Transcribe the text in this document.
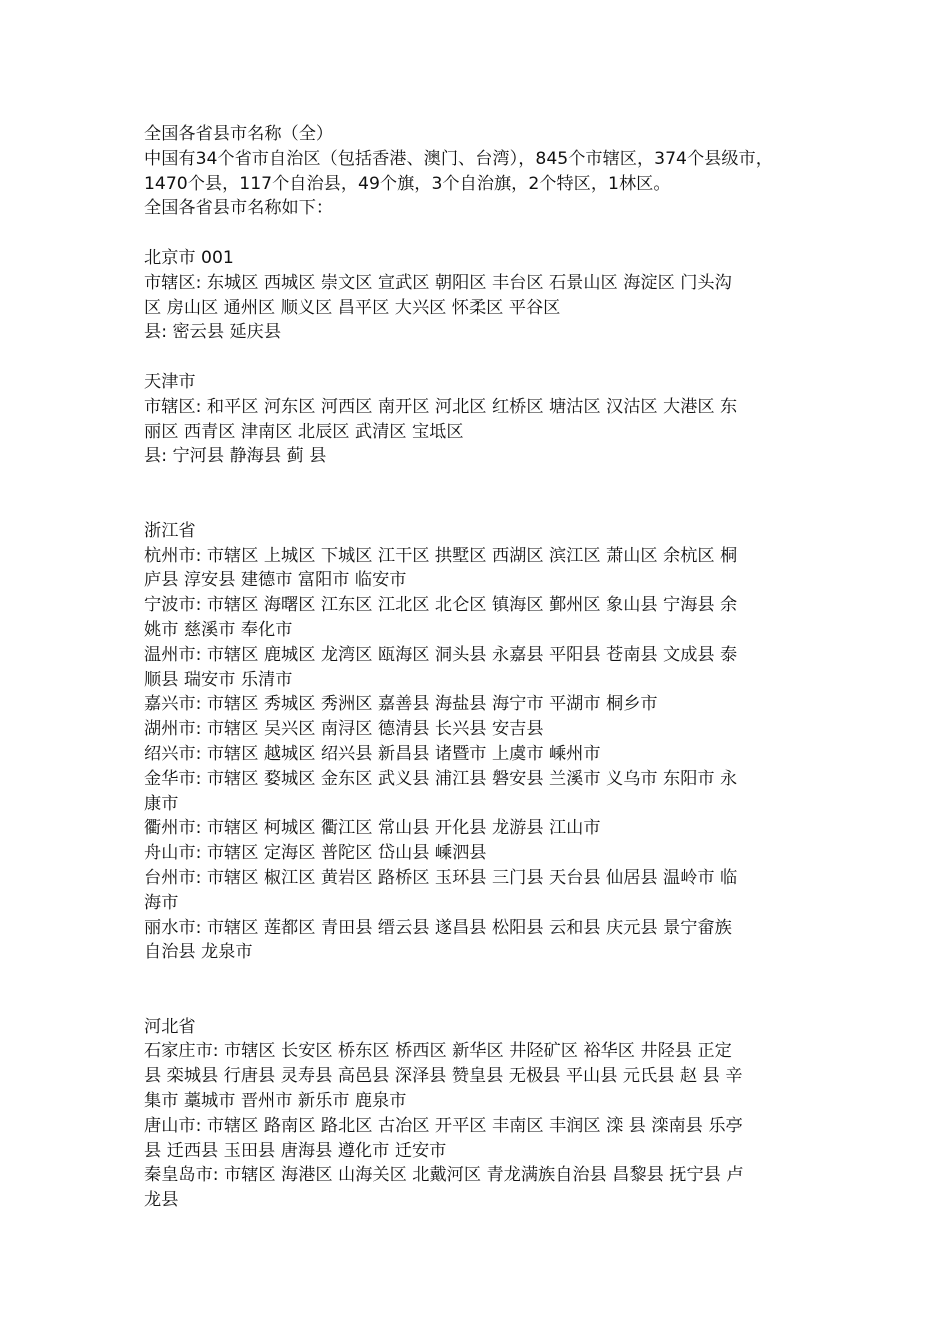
全国各省县市名称（全）
中国有34个省市自治区（包括香港、澳门、台湾），845个市辖区，374个县级市，
1470个县，117个自治县，49个旗，3个自治旗，2个特区，1林区。
全国各省县市名称如下：
北京市 001
市辖区: 东城区 西城区 崇文区 宣武区 朝阳区 丰台区 石景山区 海淀区 门头沟
区 房山区 通州区 顺义区 昌平区 大兴区 怀柔区 平谷区
县: 密云县 延庆县
天津市
市辖区: 和平区 河东区 河西区 南开区 河北区 红桥区 塘沽区 汉沽区 大港区 东
丽区 西青区 津南区 北辰区 武清区 宝坻区
县: 宁河县 静海县 蓟 县
浙江省
杭州市: 市辖区 上城区 下城区 江干区 拱墅区 西湖区 滨江区 萧山区 余杭区 桐
庐县 淳安县 建德市 富阳市 临安市
宁波市: 市辖区 海曙区 江东区 江北区 北仑区 镇海区 鄞州区 象山县 宁海县 余
姚市 慈溪市 奉化市
温州市: 市辖区 鹿城区 龙湾区 瓯海区 洞头县 永嘉县 平阳县 苍南县 文成县 泰
顺县 瑞安市 乐清市
嘉兴市: 市辖区 秀城区 秀洲区 嘉善县 海盐县 海宁市 平湖市 桐乡市
湖州市: 市辖区 吴兴区 南浔区 德清县 长兴县 安吉县
绍兴市: 市辖区 越城区 绍兴县 新昌县 诸暨市 上虞市 嵊州市
金华市: 市辖区 婺城区 金东区 武义县 浦江县 磐安县 兰溪市 义乌市 东阳市 永
康市
衢州市: 市辖区 柯城区 衢江区 常山县 开化县 龙游县 江山市
舟山市: 市辖区 定海区 普陀区 岱山县 嵊泗县
台州市: 市辖区 椒江区 黄岩区 路桥区 玉环县 三门县 天台县 仙居县 温岭市 临
海市
丽水市: 市辖区 莲都区 青田县 缙云县 遂昌县 松阳县 云和县 庆元县 景宁畲族
自治县 龙泉市
河北省
石家庄市: 市辖区 长安区 桥东区 桥西区 新华区 井陉矿区 裕华区 井陉县 正定
县 栾城县 行唐县 灵寿县 高邑县 深泽县 赞皇县 无极县 平山县 元氏县 赵 县 辛
集市 藁城市 晋州市 新乐市 鹿泉市
唐山市: 市辖区 路南区 路北区 古冶区 开平区 丰南区 丰润区 滦 县 滦南县 乐亭
县 迁西县 玉田县 唐海县 遵化市 迁安市
秦皇岛市: 市辖区 海港区 山海关区 北戴河区 青龙满族自治县 昌黎县 抚宁县 卢
龙县
